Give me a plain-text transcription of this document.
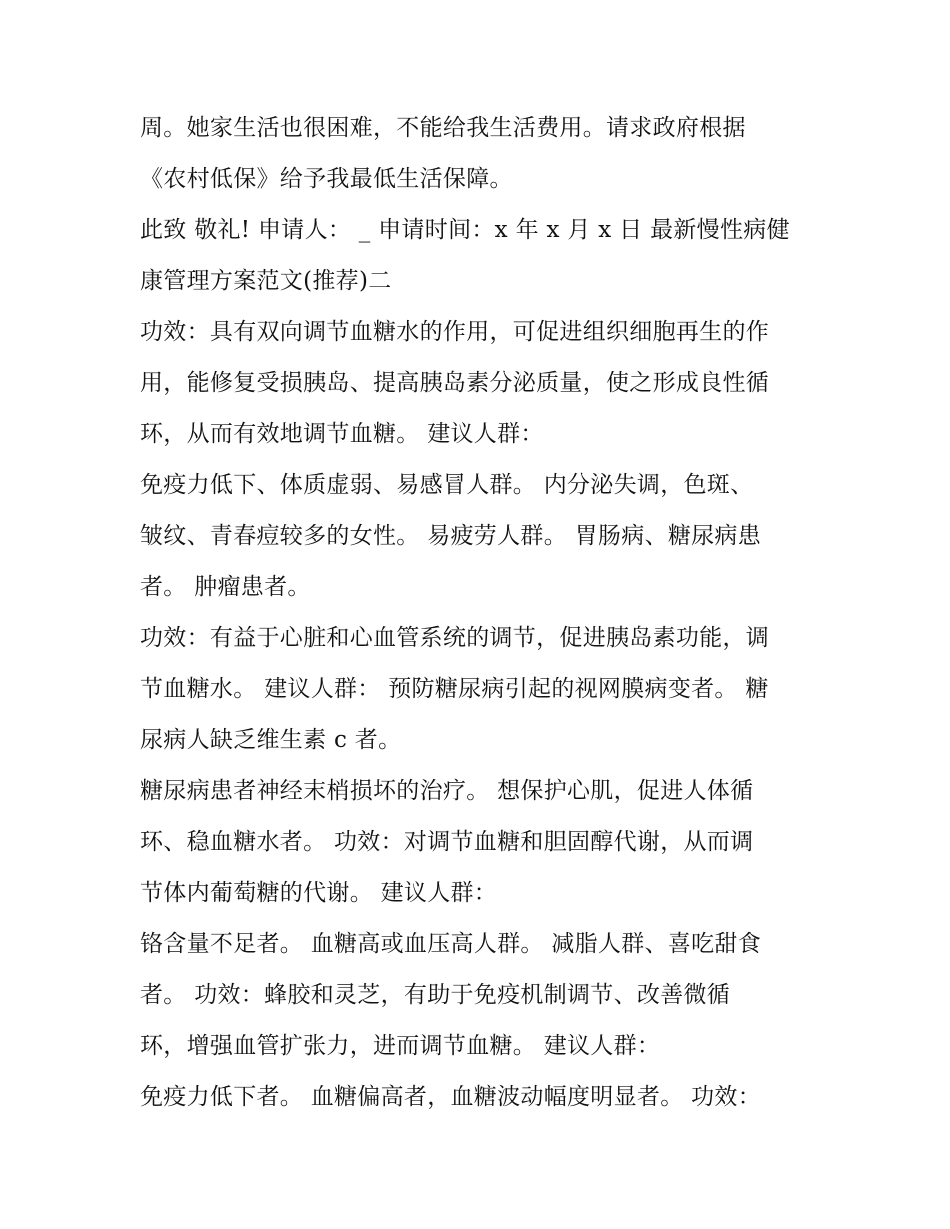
周。她家生活也很困难，不能给我生活费用。请求政府根据
《农村低保》给予我最低生活保障。
此致 敬礼! 申请人： _ 申请时间：x 年 x 月 x 日 最新慢性病健
康管理方案范文(推荐)二
功效：具有双向调节血糖水的作用，可促进组织细胞再生的作
用，能修复受损胰岛、提高胰岛素分泌质量，使之形成良性循
环，从而有效地调节血糖。 建议人群：
免疫力低下、体质虚弱、易感冒人群。 内分泌失调，色斑、
皱纹、青春痘较多的女性。 易疲劳人群。 胃肠病、糖尿病患
者。 肿瘤患者。
功效：有益于心脏和心血管系统的调节，促进胰岛素功能，调
节血糖水。 建议人群： 预防糖尿病引起的视网膜病变者。 糖
尿病人缺乏维生素 c 者。
糖尿病患者神经末梢损坏的治疗。 想保护心肌，促进人体循
环、稳血糖水者。 功效：对调节血糖和胆固醇代谢，从而调
节体内葡萄糖的代谢。 建议人群：
铬含量不足者。 血糖高或血压高人群。 减脂人群、喜吃甜食
者。 功效：蜂胶和灵芝，有助于免疫机制调节、改善微循
环，增强血管扩张力，进而调节血糖。 建议人群：
免疫力低下者。 血糖偏高者，血糖波动幅度明显者。 功效：
